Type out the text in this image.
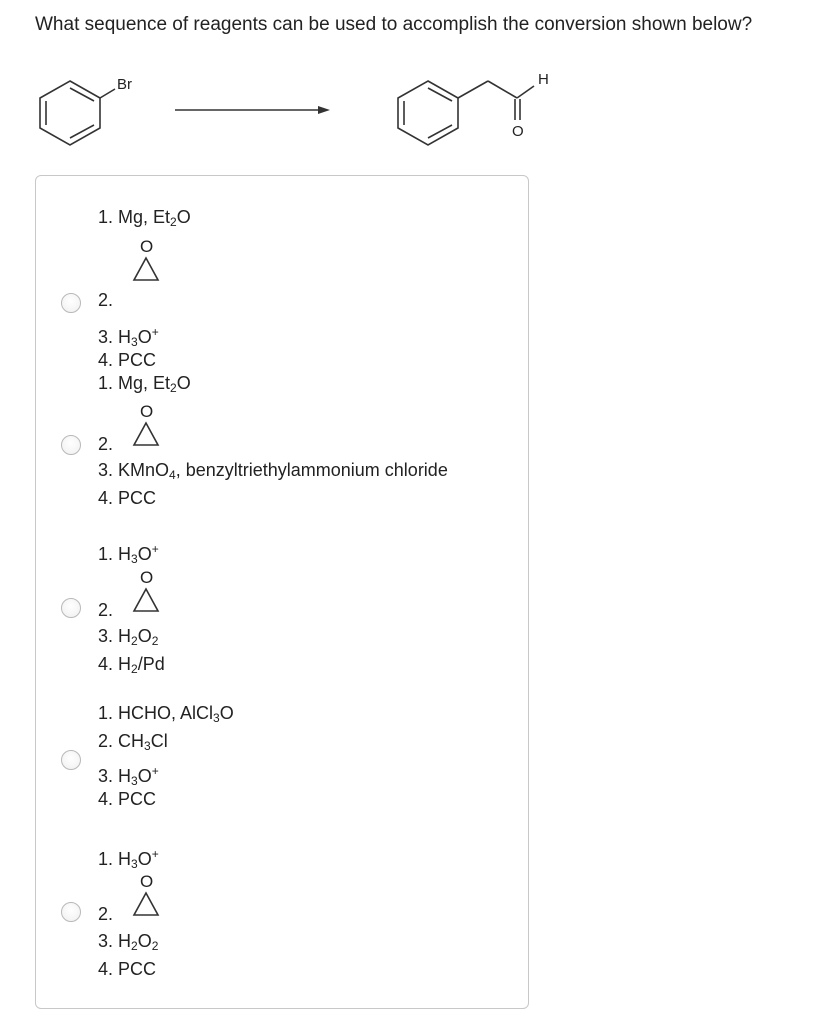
What sequence of reagents can be used to accomplish the conversion shown below?
Br	H
O
1. Mg, $Et_2O$
2.
O
3. $H_3O^+$
4. PCC
1. Mg, $Et_2O$
2.
O
3. KMnO$_4$, benzyltriethylammonium chloride
4. PCC
1. $H_3O^+$
2.
O
3. $H_2O_2$
4. $H_2/Pd$
1. HCHO, AlCl$_3$O
2. $CH_3Cl$
3. $H_3O^+$
4. PCC
1. $H_3O^+$
2.
O
3. $H_2O_2$
4. PCC
